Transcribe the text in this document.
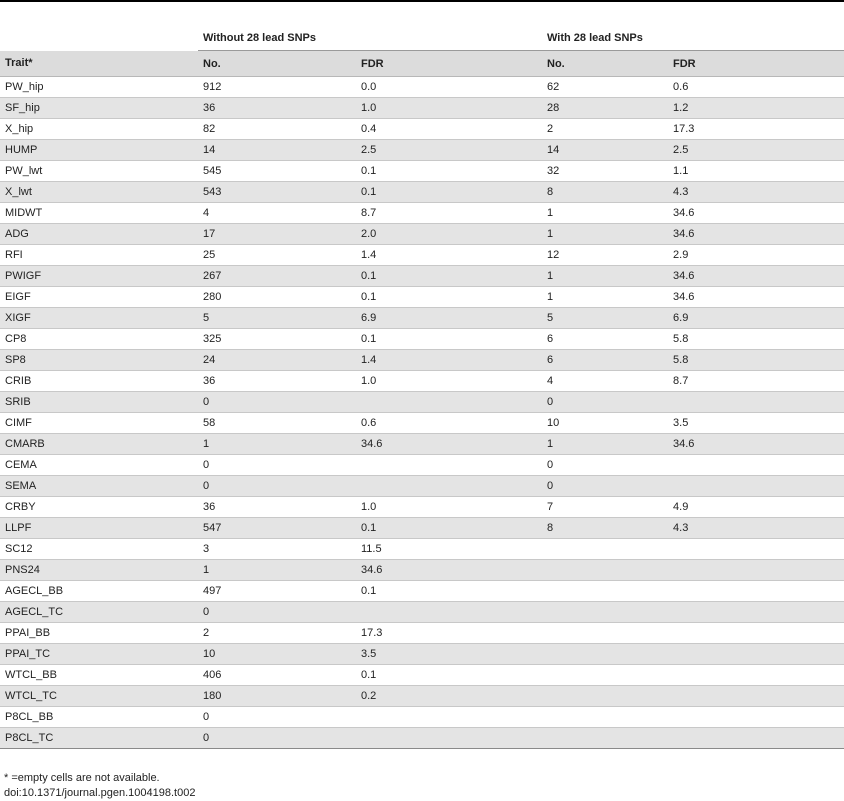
	Without 28 lead SNPs		With 28 lead SNPs	
Trait*	No.	FDR	No.	FDR
PW_hip	912	0.0	62	0.6
SF_hip	36	1.0	28	1.2
X_hip	82	0.4	2	17.3
HUMP	14	2.5	14	2.5
PW_lwt	545	0.1	32	1.1
X_lwt	543	0.1	8	4.3
MIDWT	4	8.7	1	34.6
ADG	17	2.0	1	34.6
RFI	25	1.4	12	2.9
PWIGF	267	0.1	1	34.6
EIGF	280	0.1	1	34.6
XIGF	5	6.9	5	6.9
CP8	325	0.1	6	5.8
SP8	24	1.4	6	5.8
CRIB	36	1.0	4	8.7
SRIB	0		0	
CIMF	58	0.6	10	3.5
CMARB	1	34.6	1	34.6
CEMA	0		0	
SEMA	0		0	
CRBY	36	1.0	7	4.9
LLPF	547	0.1	8	4.3
SC12	3	11.5		
PNS24	1	34.6		
AGECL_BB	497	0.1		
AGECL_TC	0			
PPAI_BB	2	17.3		
PPAI_TC	10	3.5		
WTCL_BB	406	0.1		
WTCL_TC	180	0.2		
P8CL_BB	0			
P8CL_TC	0			
* =empty cells are not available.
doi:10.1371/journal.pgen.1004198.t002
